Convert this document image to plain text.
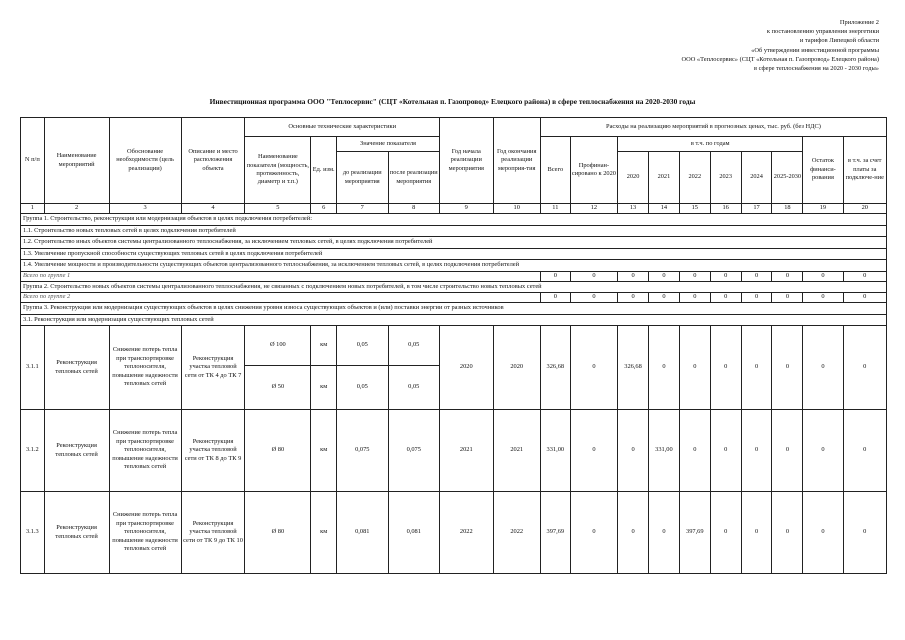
Приложение 2
к постановлению управления энергетики
и тарифов Липецкой области
«Об утверждении инвестиционной программы
ООО «Теплосервис» (СЦТ «Котельная п. Газопровод» Елецкого района)
в сфере теплоснабжения на 2020 - 2030 годы»
Инвестиционная программа ООО "Теплосервис" (СЦТ «Котельная п. Газопровод» Елецкого района) в сфере теплоснабжения на 2020-2030 годы
N п/п	Наименование мероприятий	Обоснование необходимости (цель реализации)	Описание и место расположения объекта	Основные технические характеристики				Год начала реализации мероприятия	Год окончания реализации мероприя-тия	Расходы на реализацию мероприятий в прогнозных ценах, тыс. руб. (без НДС)									
				Наименование показателя (мощность, протяженность, диаметр и т.п.)	Ед. изм.	Значение показателя				Всего	Профинан-сировано к 2020	в т.ч. по годам						Остаток финанси-рования	в т.ч. за счет платы за подключе-ние
						до реализации мероприятия	после реализации мероприятия					2020	2021	2022	2023	2024	2025-2030		
1	2	3	4	5	6	7	8	9	10	11	12	13	14	15	16	17	18	19	20
Группа 1. Строительство, реконструкция или модернизация объектов в целях подключения потребителей:																			
1.1. Строительство новых тепловых сетей в целях подключения потребителей																			
1.2. Строительство иных объектов системы централизованного теплоснабжения, за исключением тепловых сетей, в целях подключения потребителей																			
1.3. Увеличение пропускной способности существующих тепловых сетей в целях подключения потребителей																			
1.4. Увеличение мощности и производительности существующих объектов централизованного теплоснабжения, за исключением тепловых сетей, в целях подключения потребителей																			
Всего по группе 1										0	0	0	0	0	0	0	0	0	0
Группа 2. Строительство новых объектов системы централизованного теплоснабжения, не связанных с подключением новых потребителей, в том числе строительство новых тепловых сетей																			
Всего по группе 2										0	0	0	0	0	0	0	0	0	0
Группа 3. Реконструкция или модернизация существующих объектов в целях снижения уровня износа существующих объектов и (или) поставки энергии от разных источников																			
3.1. Реконструкция или модернизация существующих тепловых сетей																			
3.1.1	Реконструкция тепловых сетей	Снижение потерь тепла при транспортировке теплоносителя, повышение надежности тепловых сетей	Реконструкция участка тепловой сети от ТК 4 до ТК 7	Ø 100	км	0,05	0,05	2020	2020	326,68	0	326,68	0	0	0	0	0	0	0
				Ø 50	км	0,05	0,05												
3.1.2	Реконструкция тепловых сетей	Снижение потерь тепла при транспортировке теплоносителя, повышение надежности тепловых сетей	Реконструкция участка тепловой сети от ТК 8 до ТК 9	Ø 80	км	0,075	0,075	2021	2021	331,00	0	0	331,00	0	0	0	0	0	0
3.1.3	Реконструкция тепловых сетей	Снижение потерь тепла при транспортировке теплоносителя, повышение надежности тепловых сетей	Реконструкция участка тепловой сети от ТК 9 до ТК 10	Ø 80	км	0,081	0,081	2022	2022	397,69	0	0	0	397,69	0	0	0	0	0
